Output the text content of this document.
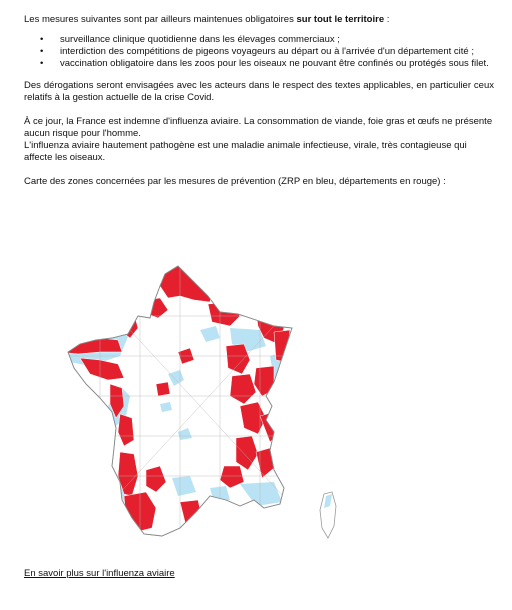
Les mesures suivantes sont par ailleurs maintenues obligatoires sur tout le territoire :

• surveillance clinique quotidienne dans les élevages commerciaux ;
• interdiction des compétitions de pigeons voyageurs au départ ou à l'arrivée d'un département cité ;
• vaccination obligatoire dans les zoos pour les oiseaux ne pouvant être confinés ou protégés sous filet.

Des dérogations seront envisagées avec les acteurs dans le respect des textes applicables, en particulier ceux relatifs à la gestion actuelle de la crise Covid.

À ce jour, la France est indemne d'influenza aviaire. La consommation de viande, foie gras et œufs ne présente aucun risque pour l'homme.

L'influenza aviaire hautement pathogène est une maladie animale infectieuse, virale, très contagieuse qui affecte les oiseaux.

Carte des zones concernées par les mesures de prévention (ZRP en bleu, départements en rouge) :

En savoir plus sur l'influenza aviaire
